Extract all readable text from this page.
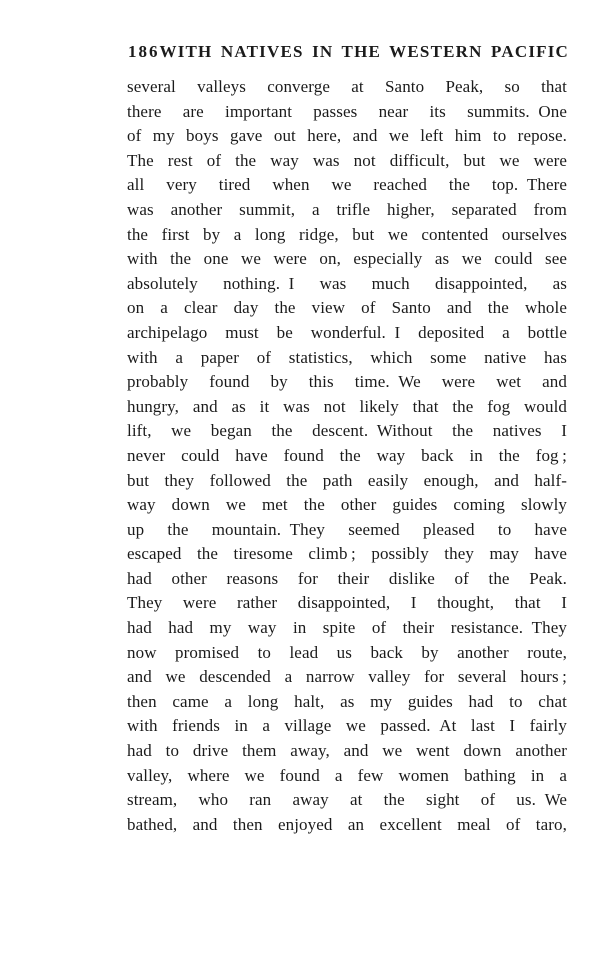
186 WITH NATIVES IN THE WESTERN PACIFIC
several valleys converge at Santo Peak, so that
there are important passes near its summits. One
of my boys gave out here, and we left him to repose.
The rest of the way was not difficult, but we were
all very tired when we reached the top. There
was another summit, a trifle higher, separated from
the first by a long ridge, but we contented ourselves
with the one we were on, especially as we could see
absolutely nothing. I was much disappointed, as
on a clear day the view of Santo and the whole
archipelago must be wonderful. I deposited a bottle
with a paper of statistics, which some native has
probably found by this time. We were wet and
hungry, and as it was not likely that the fog would
lift, we began the descent. Without the natives I
never could have found the way back in the fog ;
but they followed the path easily enough, and half-
way down we met the other guides coming slowly
up the mountain. They seemed pleased to have
escaped the tiresome climb ; possibly they may have
had other reasons for their dislike of the Peak.
They were rather disappointed, I thought, that I
had had my way in spite of their resistance. They
now promised to lead us back by another route,
and we descended a narrow valley for several hours ;
then came a long halt, as my guides had to chat
with friends in a village we passed. At last I fairly
had to drive them away, and we went down another
valley, where we found a few women bathing in a
stream, who ran away at the sight of us. We
bathed, and then enjoyed an excellent meal of taro,
